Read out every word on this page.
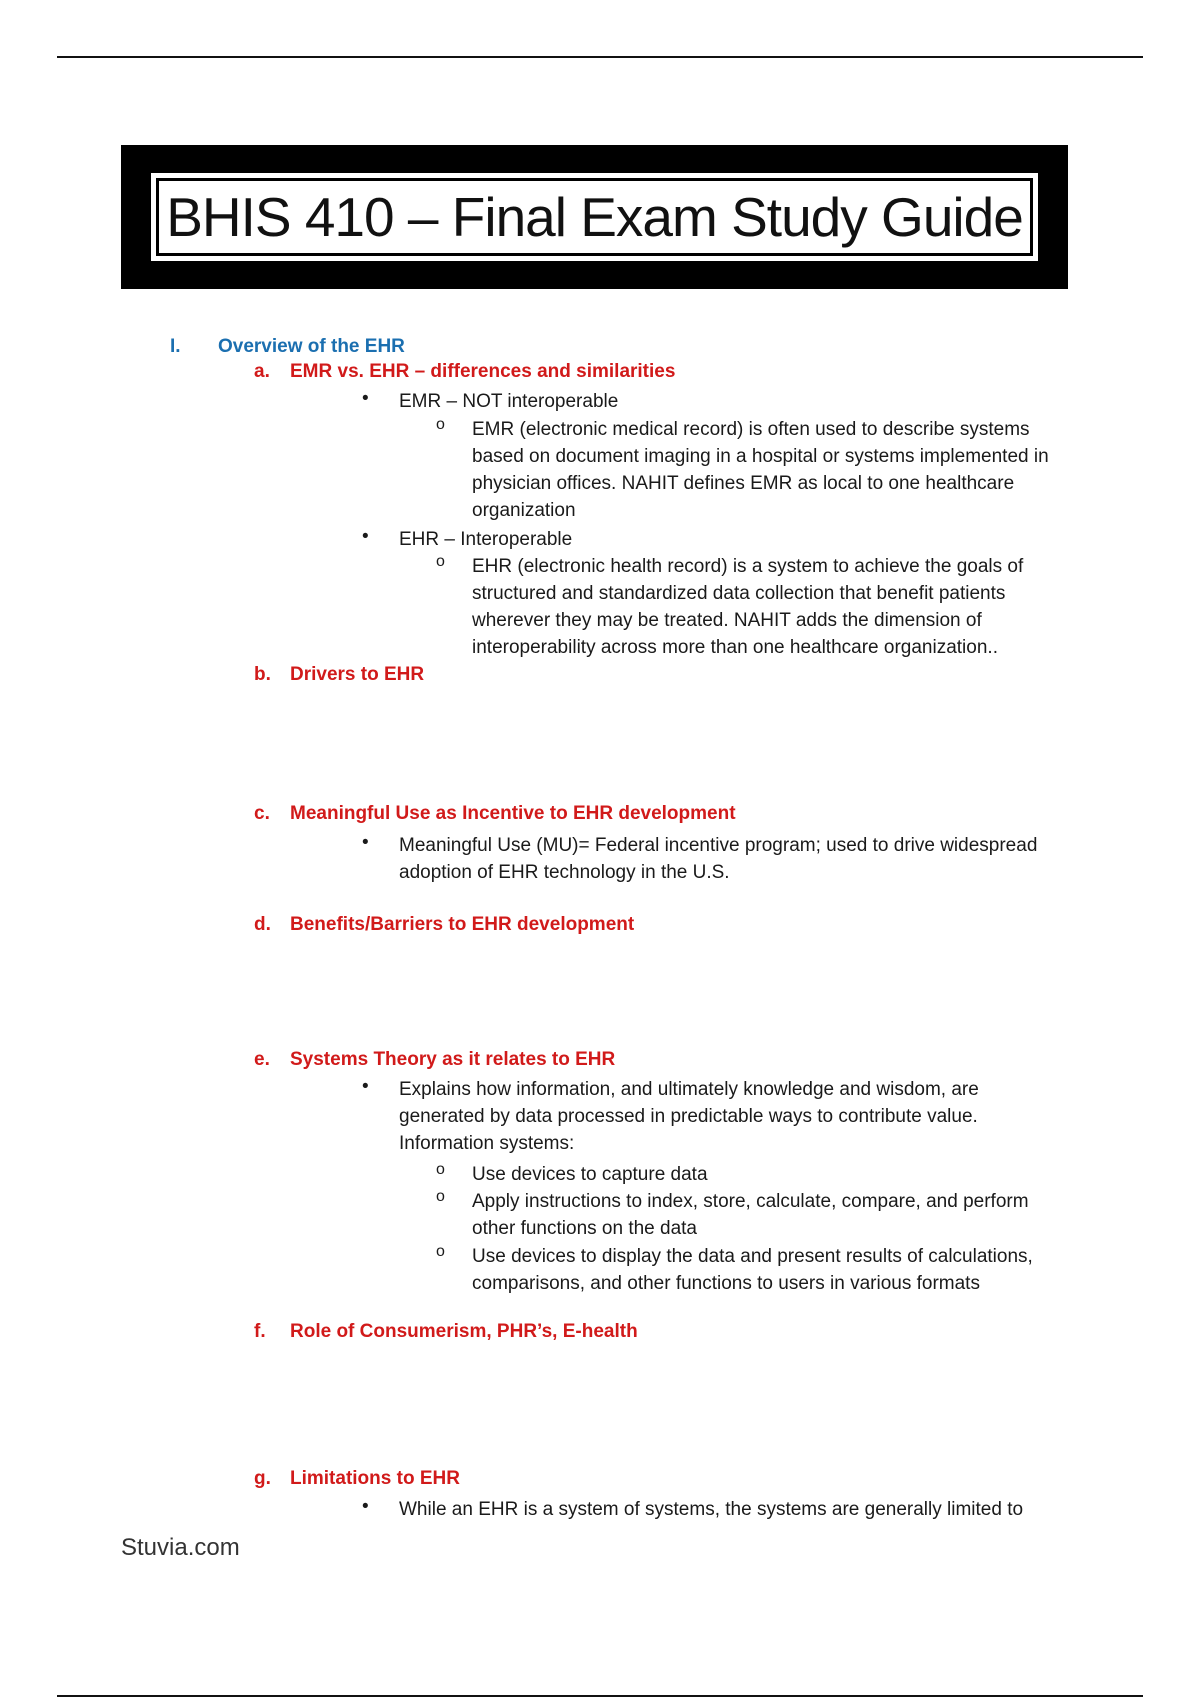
BHIS 410 – Final Exam Study Guide
I. Overview of the EHR
a. EMR vs. EHR – differences and similarities
• EMR – NOT interoperable
o EMR (electronic medical record) is often used to describe systems based on document imaging in a hospital or systems implemented in physician offices. NAHIT defines EMR as local to one healthcare organization
• EHR – Interoperable
o EHR (electronic health record) is a system to achieve the goals of structured and standardized data collection that benefit patients wherever they may be treated. NAHIT adds the dimension of interoperability across more than one healthcare organization..
b. Drivers to EHR
c. Meaningful Use as Incentive to EHR development
• Meaningful Use (MU)= Federal incentive program; used to drive widespread adoption of EHR technology in the U.S.
d. Benefits/Barriers to EHR development
e. Systems Theory as it relates to EHR
• Explains how information, and ultimately knowledge and wisdom, are generated by data processed in predictable ways to contribute value. Information systems:
o Use devices to capture data
o Apply instructions to index, store, calculate, compare, and perform other functions on the data
o Use devices to display the data and present results of calculations, comparisons, and other functions to users in various formats
f. Role of Consumerism, PHR’s, E-health
g. Limitations to EHR
• While an EHR is a system of systems, the systems are generally limited to
Stuvia.com
